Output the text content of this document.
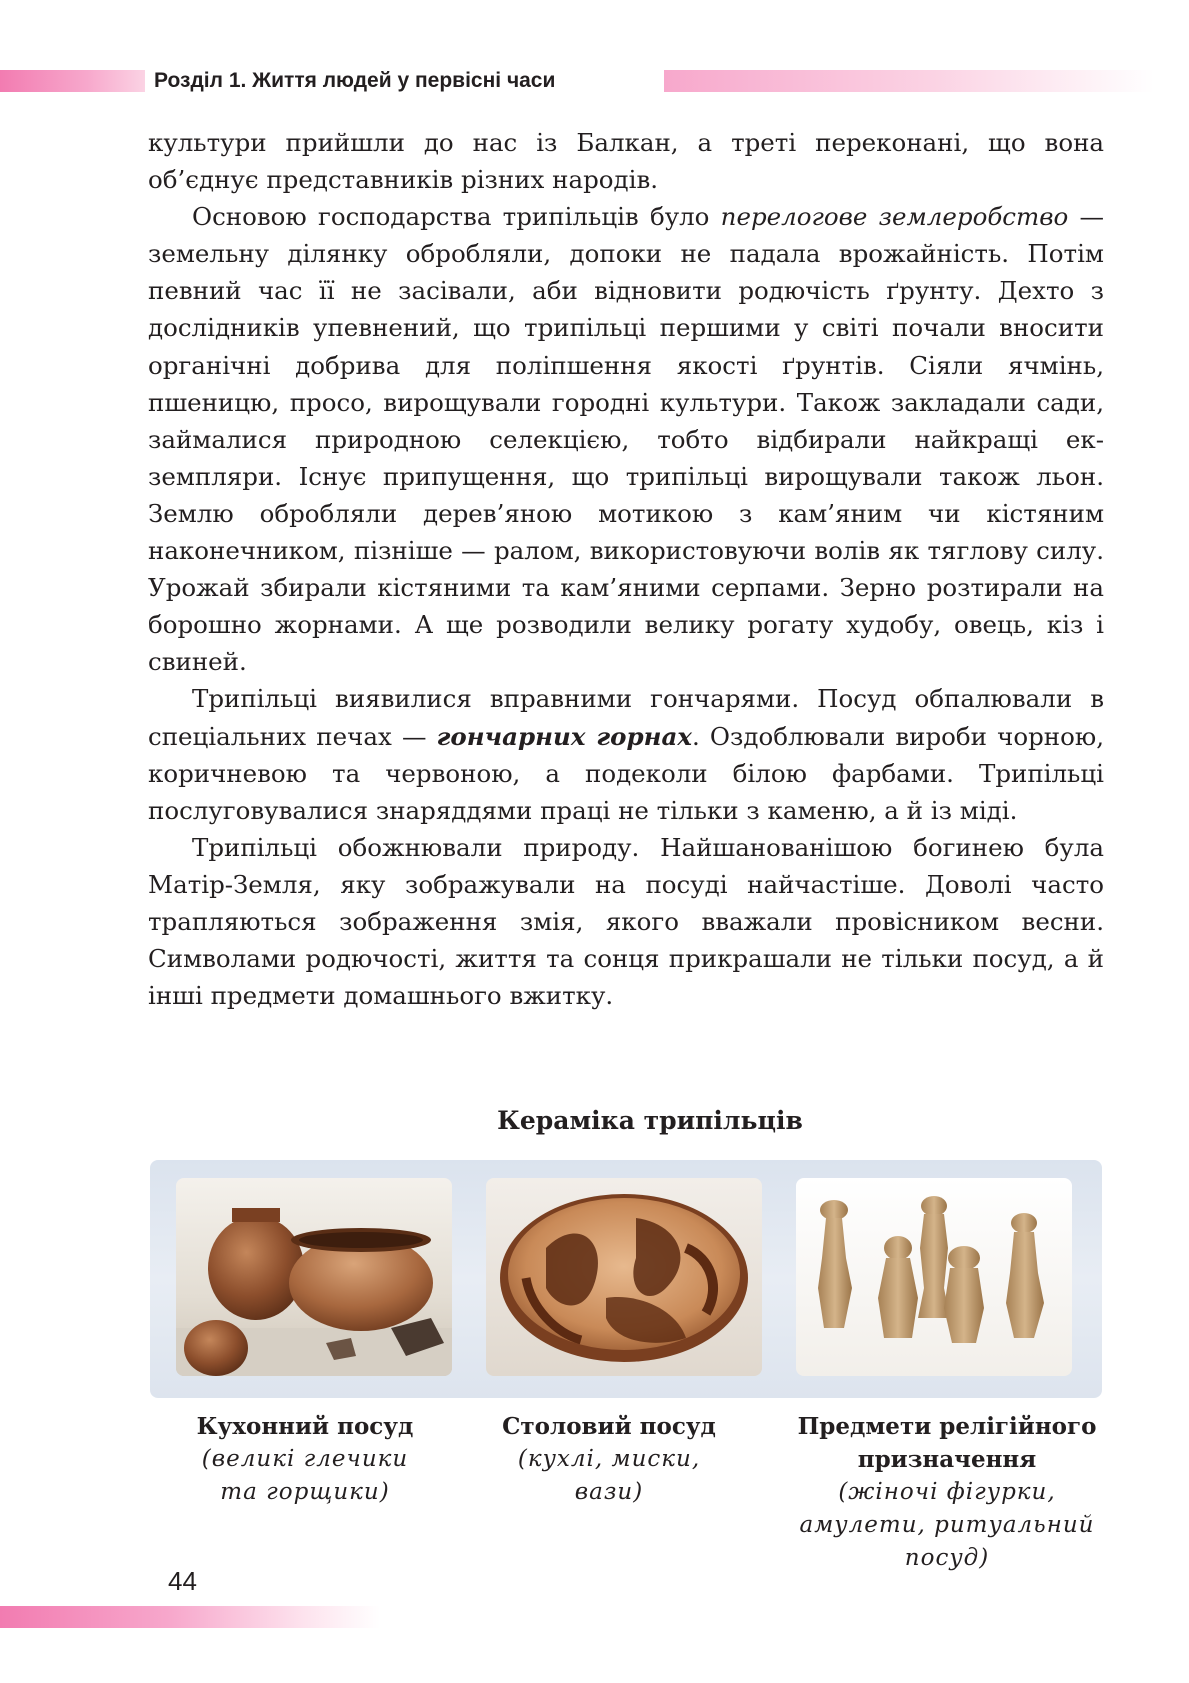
Розділ 1. Життя людей у первісні часи

культури прийшли до нас із Балкан, а треті переконані, що вона об’єднує представників різних народів.

Основою господарства трипільців було перелогове землеробство — земельну ділянку обробляли, допоки не падала врожайність. Потім певний час її не засівали, аби відновити родючість ґрунту. Дехто з дослідників упевнений, що трипільці першими у світі почали вносити органічні добрива для поліпшення якості ґрунтів. Сіяли ячмінь, пшеницю, просо, вирощували городні культури. Також закладали сади, займалися природною селекцією, тобто відбирали найкращі екземпляри. Існує припущення, що трипільці вирощували також льон. Землю обробляли дерев’яною мотикою з кам’яним чи кістяним наконечником, пізніше — ралом, використовуючи волів як тяглову силу. Урожай збирали кістяними та кам’яними серпами. Зерно розтирали на борошно жорнами. А ще розводили велику рогату худобу, овець, кіз і свиней.

Трипільці виявилися вправними гончарями. Посуд обпалювали в спеціальних печах — гончарних горнах. Оздоблювали вироби чорною, коричневою та червоною, а подеколи білою фарбами. Трипільці послуговувалися знаряддями праці не тільки з каменю, а й із міді.

Трипільці обожнювали природу. Найшанованішою богинею була Матір-Земля, яку зображували на посуді найчастіше. Доволі часто трапляються зображення змія, якого вважали провісником весни. Символами родючості, життя та сонця прикрашали не тільки посуд, а й інші предмети домашнього вжитку.

Кераміка трипільців
Кухонний посуд
(великі глечики
та горщики)
Столовий посуд
(кухлі, миски,
вази)
Предмети релігійного
призначення
(жіночі фігурки,
амулети, ритуальний
посуд)
44
